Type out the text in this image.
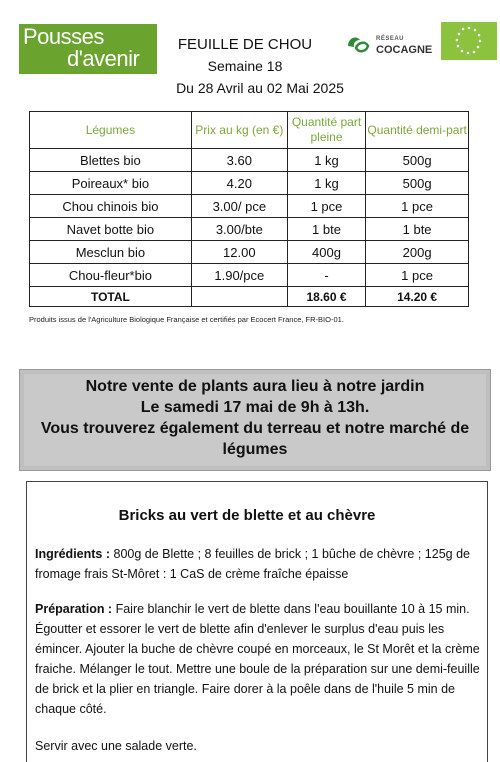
Pousses
d'avenir
FEUILLE DE CHOU
Semaine 18
Du 28 Avril au 02 Mai 2025
RÉSEAU
COCAGNE
Légumes	Prix au kg (en €)	Quantité part pleine	Quantité demi-part
Blettes bio	3.60	1 kg	500g
Poireaux* bio	4.20	1 kg	500g
Chou chinois bio	3.00/ pce	1 pce	1 pce
Navet botte bio	3.00/bte	1 bte	1 bte
Mesclun bio	12.00	400g	200g
Chou-fleur*bio	1.90/pce	-	1 pce
TOTAL		18.60 €	14.20 €
Produits issus de l'Agriculture Biologique Française et certifiés par Ecocert France, FR-BIO-01.
Notre vente de plants aura lieu à notre jardin
Le samedi 17 mai de 9h à 13h.
Vous trouverez également du terreau et notre marché de légumes
Bricks au vert de blette et au chèvre
Ingrédients : 800g de Blette ; 8 feuilles de brick ; 1 bûche de chèvre ; 125g de fromage frais St-Môret : 1 CaS de crème fraîche épaisse
Préparation : Faire blanchir le vert de blette dans l'eau bouillante 10 à 15 min. Égoutter et essorer le vert de blette afin d'enlever le surplus d'eau puis les émincer. Ajouter la buche de chèvre coupé en morceaux, le St Morêt et la crème fraiche. Mélanger le tout. Mettre une boule de la préparation sur une demi-feuille de brick et la plier en triangle. Faire dorer à la poêle dans de l'huile 5 min de chaque côté.
Servir avec une salade verte.
